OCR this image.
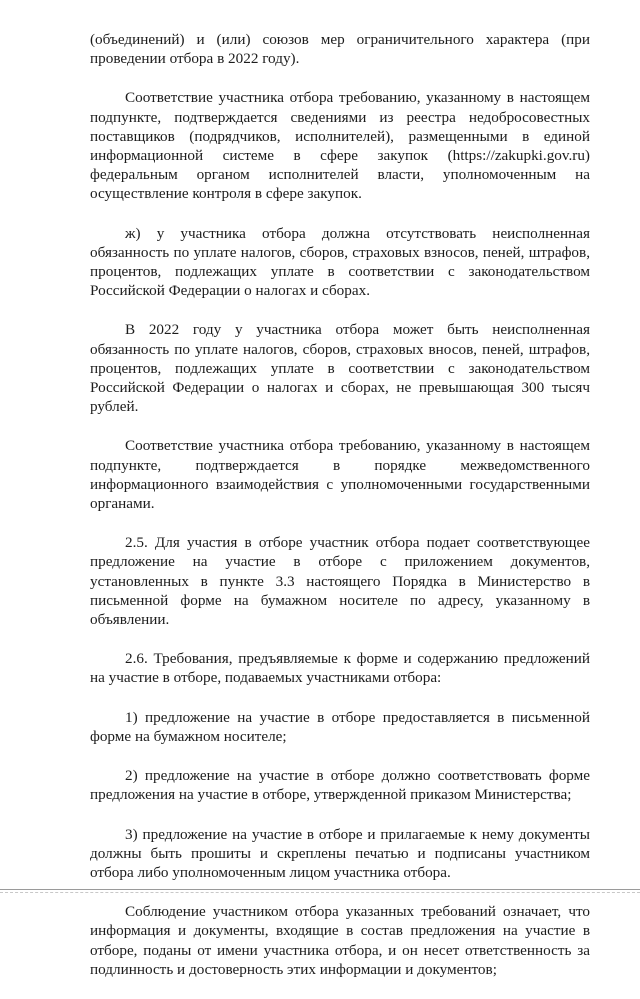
(объединений) и (или) союзов мер ограничительного характера (при проведении отбора в 2022 году).

Соответствие участника отбора требованию, указанному в настоящем подпункте, подтверждается сведениями из реестра недобросовестных поставщиков (подрядчиков, исполнителей), размещенными в единой информационной системе в сфере закупок (https://zakupki.gov.ru) федеральным органом исполнителей власти, уполномоченным на осуществление контроля в сфере закупок.

ж) у участника отбора должна отсутствовать неисполненная обязанность по уплате налогов, сборов, страховых взносов, пеней, штрафов, процентов, подлежащих уплате в соответствии с законодательством Российской Федерации о налогах и сборах.

В 2022 году у участника отбора может быть неисполненная обязанность по уплате налогов, сборов, страховых вносов, пеней, штрафов, процентов, подлежащих уплате в соответствии с законодательством Российской Федерации о налогах и сборах, не превышающая 300 тысяч рублей.

Соответствие участника отбора требованию, указанному в настоящем подпункте, подтверждается в порядке межведомственного информационного взаимодействия с уполномоченными государственными органами.

2.5. Для участия в отборе участник отбора подает соответствующее предложение на участие в отборе с приложением документов, установленных в пункте 3.3 настоящего Порядка в Министерство в письменной форме на бумажном носителе по адресу, указанному в объявлении.

2.6. Требования, предъявляемые к форме и содержанию предложений на участие в отборе, подаваемых участниками отбора:

1) предложение на участие в отборе предоставляется в письменной форме на бумажном носителе;

2) предложение на участие в отборе должно соответствовать форме предложения на участие в отборе, утвержденной приказом Министерства;

3) предложение на участие в отборе и прилагаемые к нему документы должны быть прошиты и скреплены печатью и подписаны участником отбора либо уполномоченным лицом участника отбора.

Соблюдение участником отбора указанных требований означает, что информация и документы, входящие в состав предложения на участие в отборе, поданы от имени участника отбора, и он несет ответственность за подлинность и достоверность этих информации и документов;
